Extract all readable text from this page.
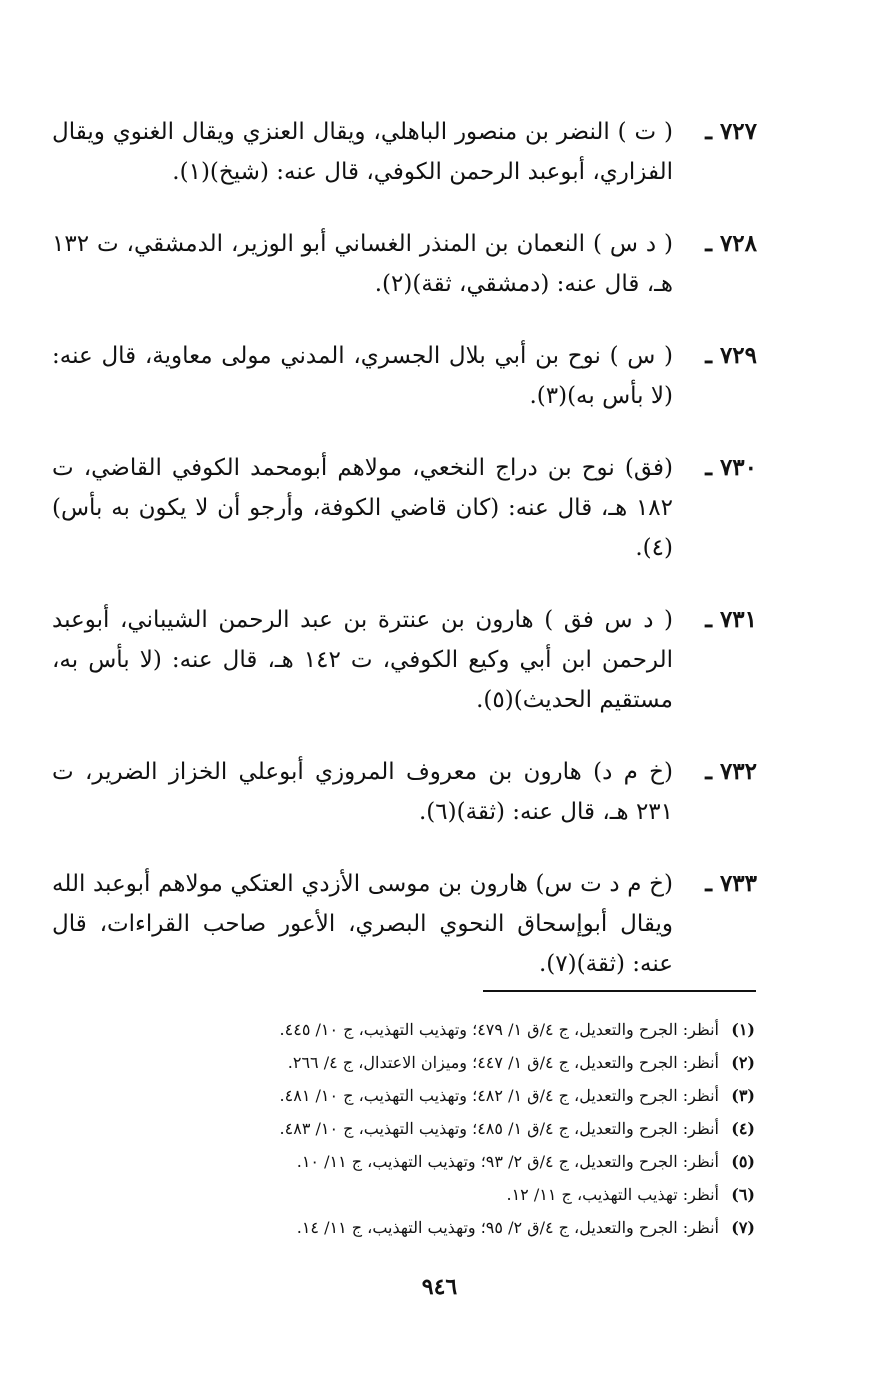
٧٢٧ ـ
( ت ) النضر بن منصور الباهلي، ويقال العنزي ويقال الغنوي ويقال الفزاري، أبوعبد الرحمن الكوفي، قال عنه: (شيخ)(١).
٧٢٨ ـ
( د س ) النعمان بن المنذر الغساني أبو الوزير، الدمشقي، ت ١٣٢ هـ، قال عنه: (دمشقي، ثقة)(٢).
٧٢٩ ـ
( س ) نوح بن أبي بلال الجسري، المدني مولى معاوية، قال عنه: (لا بأس به)(٣).
٧٣٠ ـ
(فق) نوح بن دراج النخعي، مولاهم أبومحمد الكوفي القاضي، ت ١٨٢ هـ، قال عنه: (كان قاضي الكوفة، وأرجو أن لا يكون به بأس)(٤).
٧٣١ ـ
( د س فق ) هارون بن عنترة بن عبد الرحمن الشيباني، أبوعبد الرحمن ابن أبي وكيع الكوفي، ت ١٤٢ هـ، قال عنه: (لا بأس به، مستقيم الحديث)(٥).
٧٣٢ ـ
(خ م د) هارون بن معروف المروزي أبوعلي الخزاز الضرير، ت ٢٣١ هـ، قال عنه: (ثقة)(٦).
٧٣٣ ـ
(خ م د ت س) هارون بن موسى الأزدي العتكي مولاهم أبوعبد الله ويقال أبوإسحاق النحوي البصري، الأعور صاحب القراءات، قال عنه: (ثقة)(٧).
(١)
أنظر: الجرح والتعديل، ج ٤/ق ١/ ٤٧٩؛ وتهذيب التهذيب، ج ١٠/ ٤٤٥.
(٢)
أنظر: الجرح والتعديل، ج ٤/ق ١/ ٤٤٧؛ وميزان الاعتدال، ج ٤/ ٢٦٦.
(٣)
أنظر: الجرح والتعديل، ج ٤/ق ١/ ٤٨٢؛ وتهذيب التهذيب، ج ١٠/ ٤٨١.
(٤)
أنظر: الجرح والتعديل، ج ٤/ق ١/ ٤٨٥؛ وتهذيب التهذيب، ج ١٠/ ٤٨٣.
(٥)
أنظر: الجرح والتعديل، ج ٤/ق ٢/ ٩٣؛ وتهذيب التهذيب، ج ١١/ ١٠.
(٦)
أنظر: تهذيب التهذيب، ج ١١/ ١٢.
(٧)
أنظر: الجرح والتعديل، ج ٤/ق ٢/ ٩٥؛ وتهذيب التهذيب، ج ١١/ ١٤.
٩٤٦
